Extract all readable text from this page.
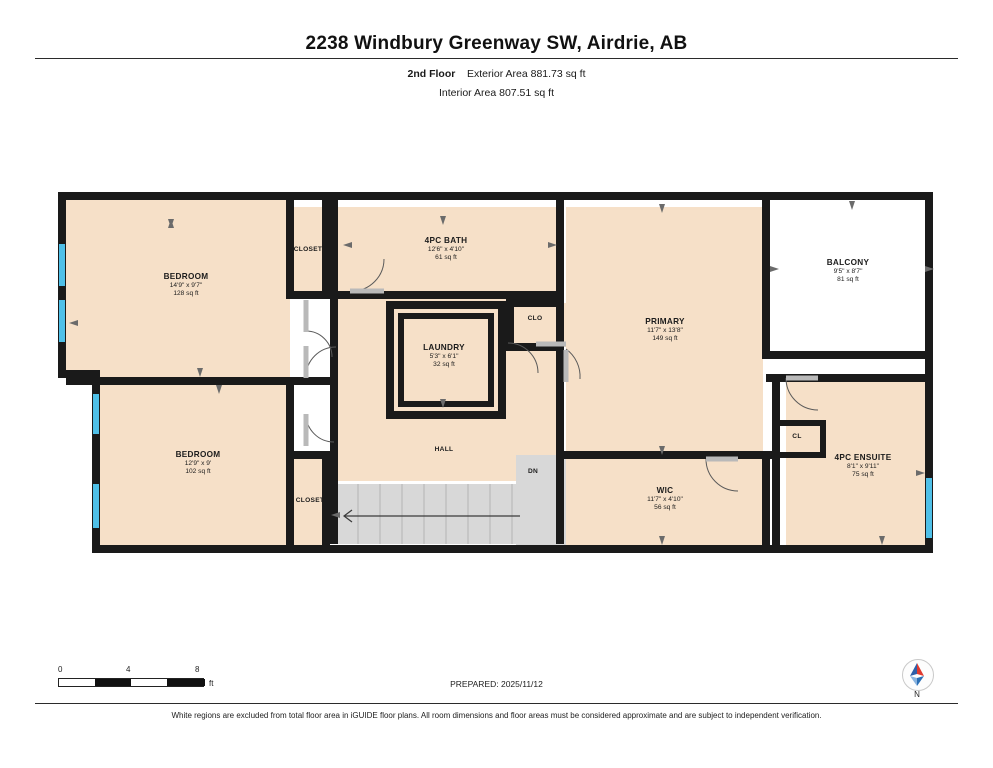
2238 Windbury Greenway SW, Airdrie, AB
2nd Floor Exterior Area 881.73 sq ft
Interior Area 807.51 sq ft
BEDROOM
14'9" x 9'7"
128 sq ft
CLOSET
4PC BATH
12'6" x 4'10"
61 sq ft
BALCONY
9'5" x 8'7"
81 sq ft
PRIMARY
11'7" x 13'8"
149 sq ft
CLO
LAUNDRY
5'3" x 6'1"
32 sq ft
BEDROOM
12'9" x 9'
102 sq ft
HALL
CL
4PC ENSUITE
8'1" x 9'11"
75 sq ft
CLOSET
DN
WIC
11'7" x 4'10"
56 sq ft
0	4	8
ft	PREPARED: 2025/11/12
N
White regions are excluded from total floor area in iGUIDE floor plans. All room dimensions and floor areas must be considered approximate and are subject to independent verification.
